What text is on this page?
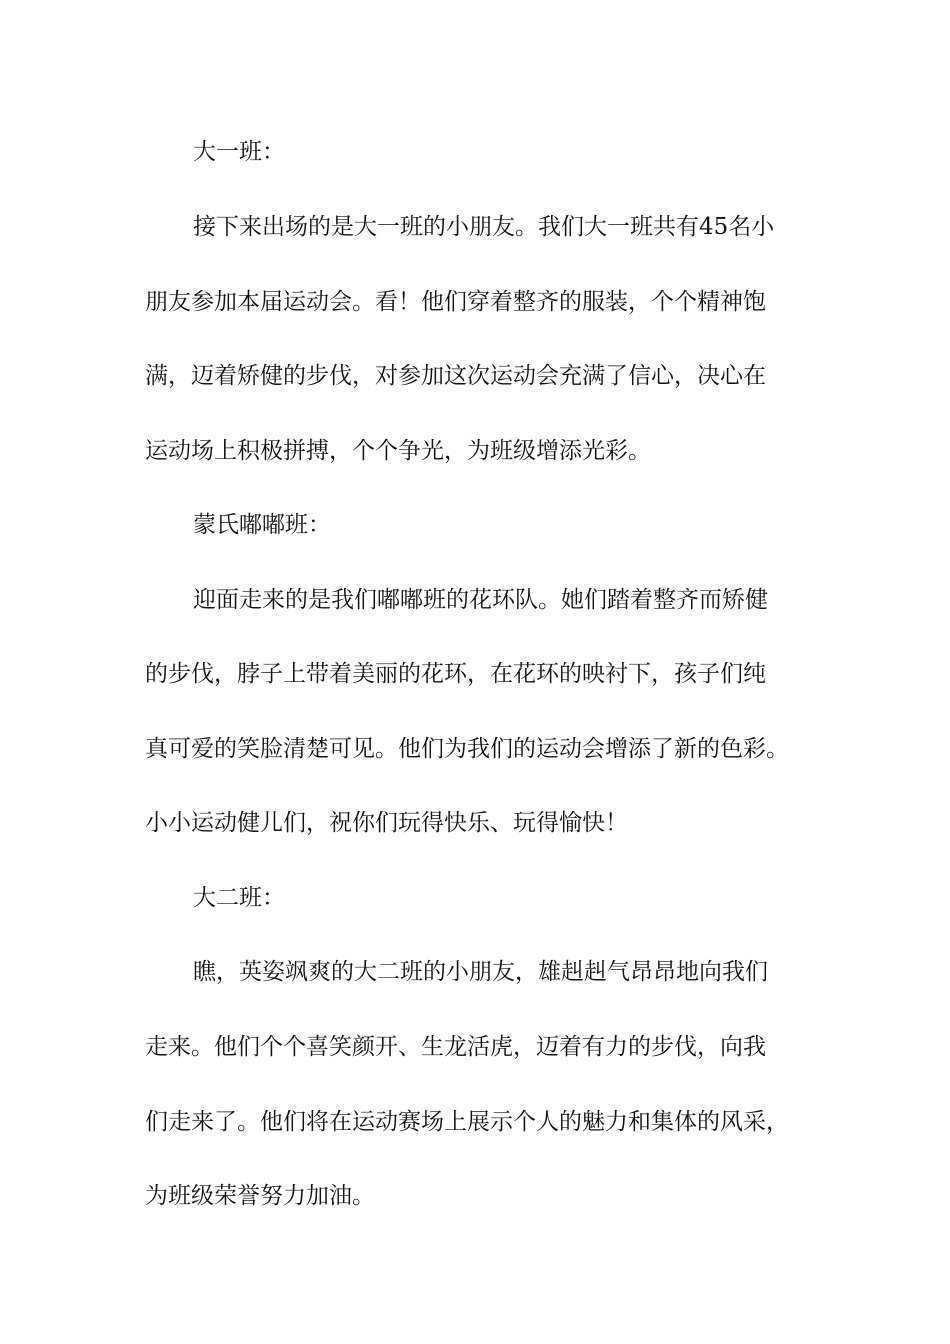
大一班：
接下来出场的是大一班的小朋友。我们大一班共有45名小
朋友参加本届运动会。看！他们穿着整齐的服装，个个精神饱
满，迈着矫健的步伐，对参加这次运动会充满了信心，决心在
运动场上积极拼搏，个个争光，为班级增添光彩。
蒙氏嘟嘟班：
迎面走来的是我们嘟嘟班的花环队。她们踏着整齐而矫健
的步伐，脖子上带着美丽的花环，在花环的映衬下，孩子们纯
真可爱的笑脸清楚可见。他们为我们的运动会增添了新的色彩。
小小运动健儿们，祝你们玩得快乐、玩得愉快！
大二班：
瞧，英姿飒爽的大二班的小朋友，雄赳赳气昂昂地向我们
走来。他们个个喜笑颜开、生龙活虎，迈着有力的步伐，向我
们走来了。他们将在运动赛场上展示个人的魅力和集体的风采，
为班级荣誉努力加油。
